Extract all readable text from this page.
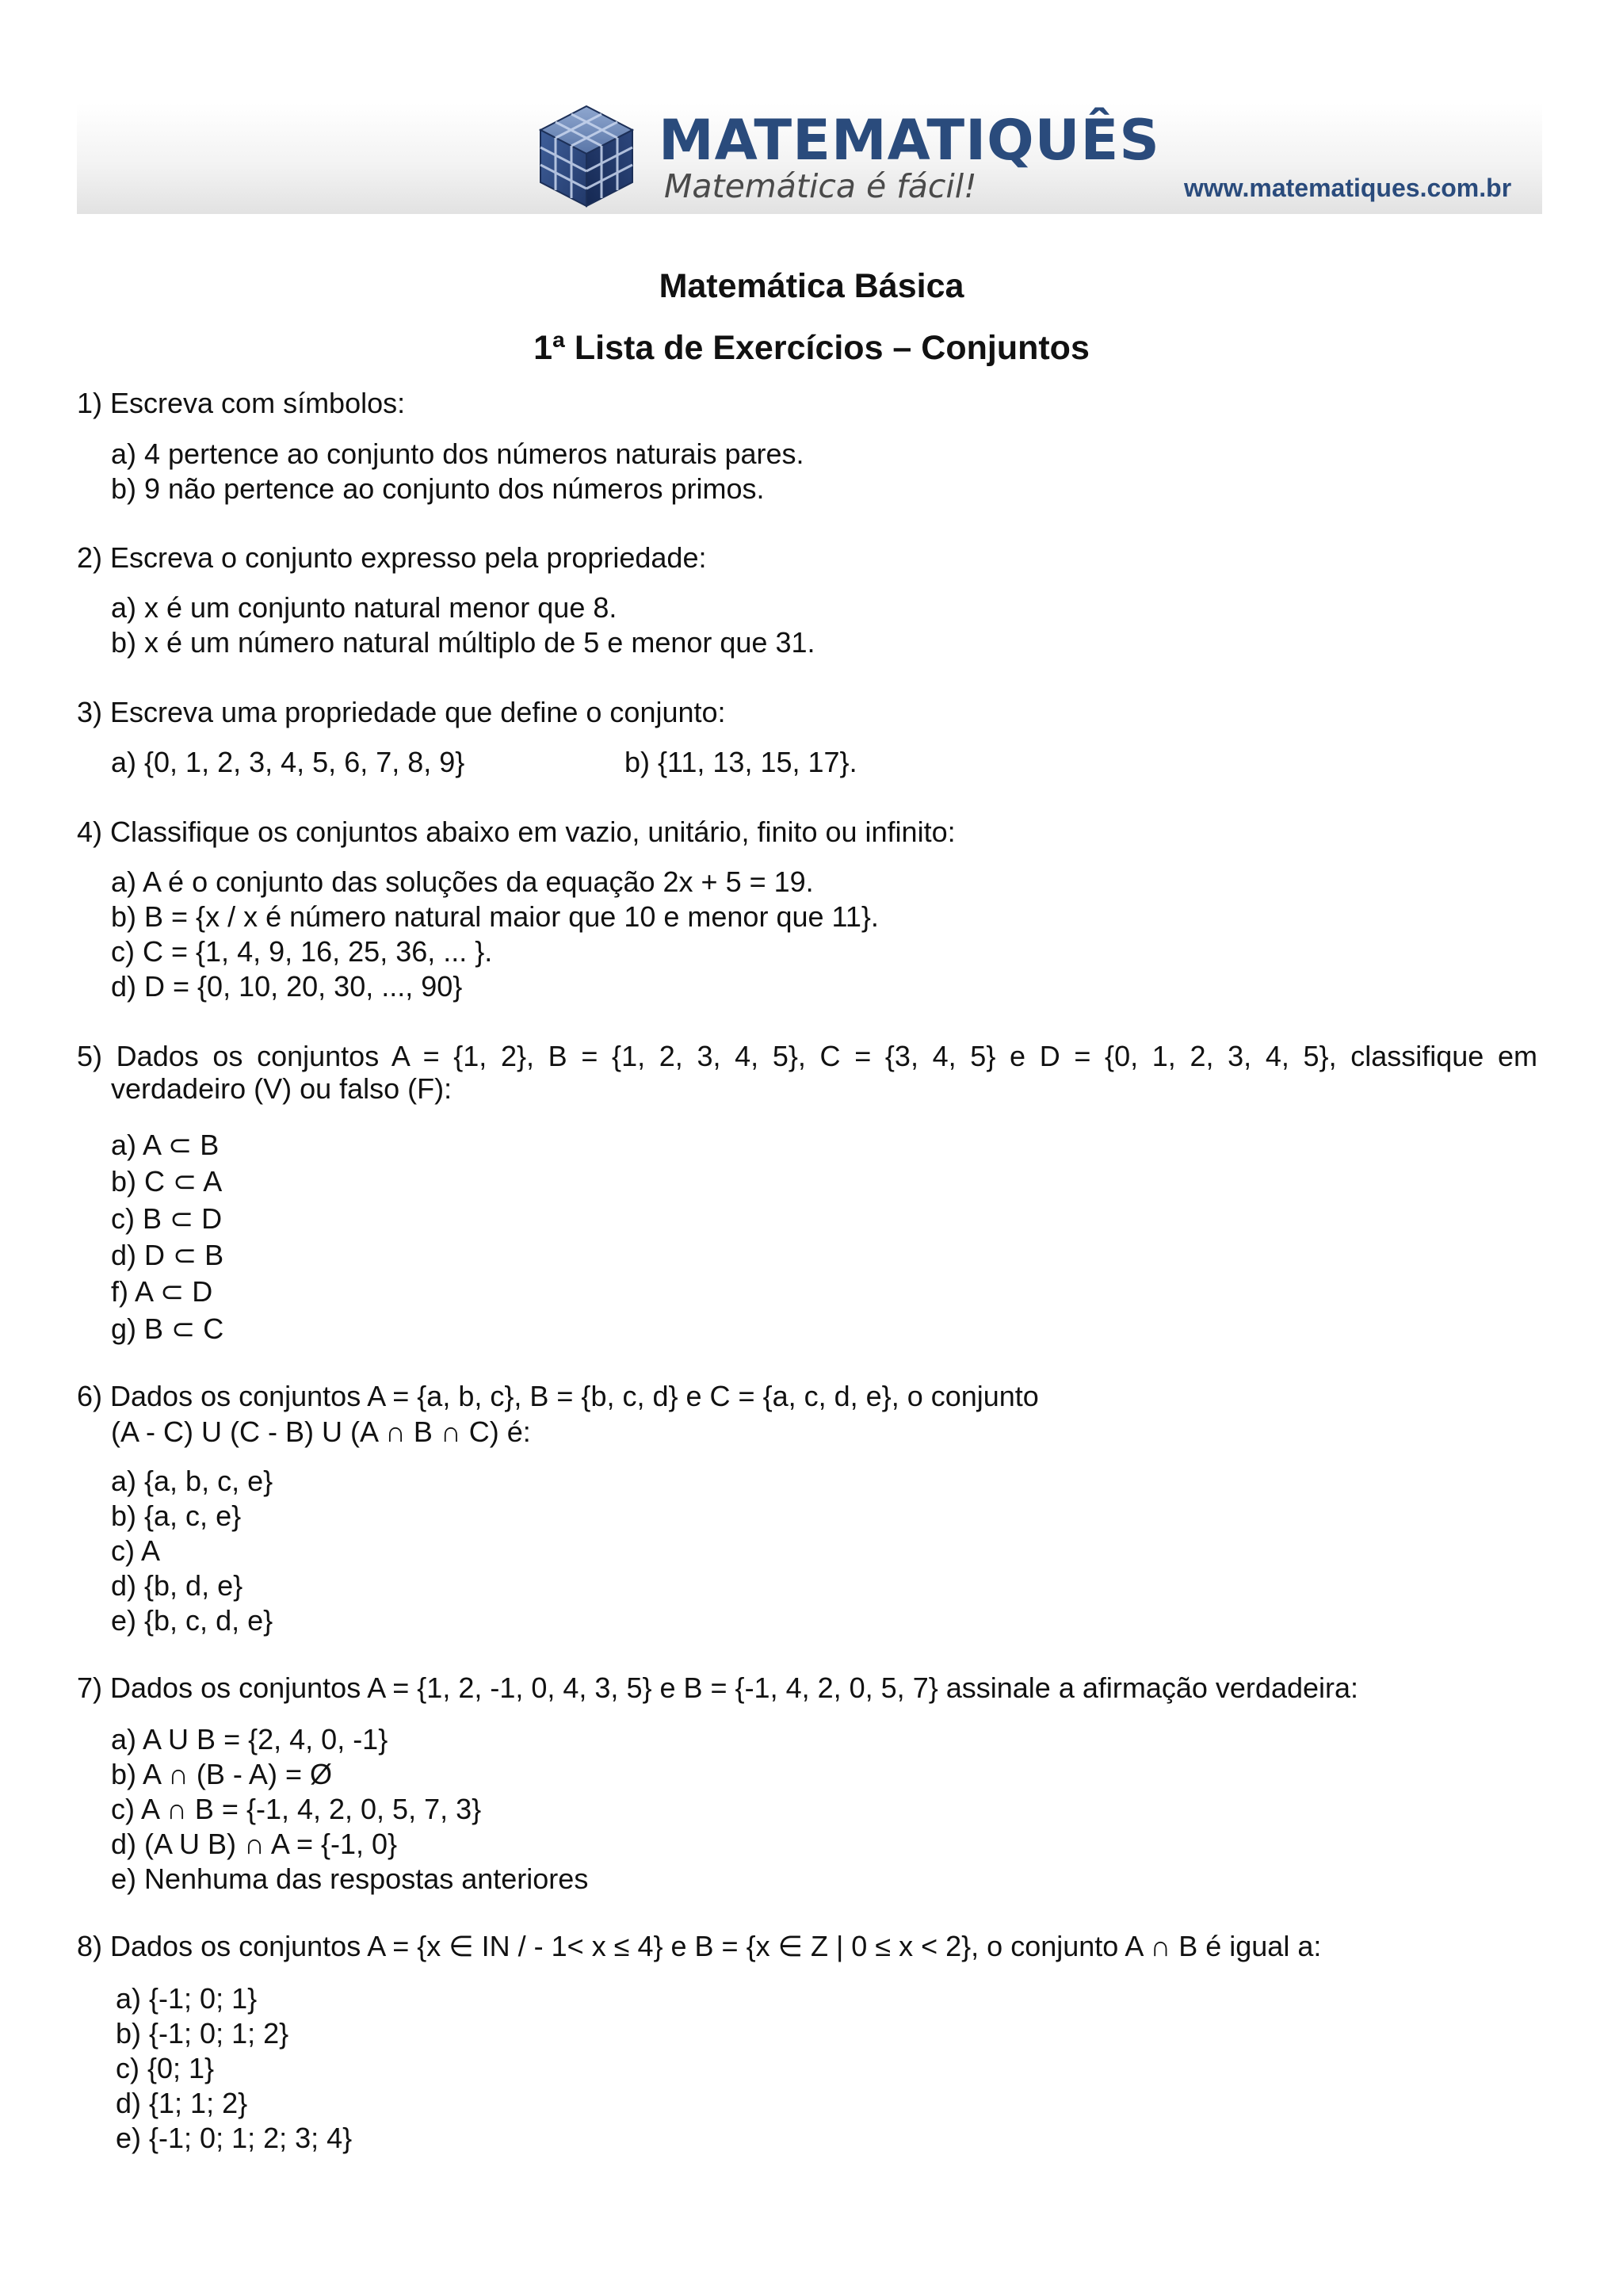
MATEMATIQUÊS
Matemática é fácil!	www.matematiques.com.br
Matemática Básica
1ª Lista de Exercícios – Conjuntos
1) Escreva com símbolos:
a) 4 pertence ao conjunto dos números naturais pares.
b) 9 não pertence ao conjunto dos números primos.
2) Escreva o conjunto expresso pela propriedade:
a) x é um conjunto natural menor que 8.
b) x é um número natural múltiplo de 5 e menor que 31.
3) Escreva uma propriedade que define o conjunto:
a) {0, 1, 2, 3, 4, 5, 6, 7, 8, 9}	b) {11, 13, 15, 17}.
4) Classifique os conjuntos abaixo em vazio, unitário, finito ou infinito:
a) A é o conjunto das soluções da equação 2x + 5 = 19.
b) B = {x / x é número natural maior que 10 e menor que 11}.
c) C = {1, 4, 9, 16, 25, 36, ... }.
d) D = {0, 10, 20, 30, ..., 90}
5) Dados os conjuntos A = {1, 2}, B = {1, 2, 3, 4, 5}, C = {3, 4, 5} e D = {0, 1, 2, 3, 4, 5}, classifique em
verdadeiro (V) ou falso (F):
a) A ⊂ B
b) C ⊂ A
c) B ⊂ D
d) D ⊂ B
f) A ⊂ D
g) B ⊂ C
6) Dados os conjuntos A = {a, b, c}, B = {b, c, d} e C = {a, c, d, e}, o conjunto
(A - C) U (C - B) U (A ∩ B ∩ C) é:
a) {a, b, c, e}
b) {a, c, e}
c) A
d) {b, d, e}
e) {b, c, d, e}
7) Dados os conjuntos A = {1, 2, -1, 0, 4, 3, 5} e B = {-1, 4, 2, 0, 5, 7} assinale a afirmação verdadeira:
a) A U B = {2, 4, 0, -1}
b) A ∩ (B - A) = Ø
c) A ∩ B = {-1, 4, 2, 0, 5, 7, 3}
d) (A U B) ∩ A = {-1, 0}
e) Nenhuma das respostas anteriores
8) Dados os conjuntos A = {x ∈ IN / - 1< x ≤ 4} e B = {x ∈ Z | 0 ≤ x < 2}, o conjunto A ∩ B é igual a:
a) {-1; 0; 1}
b) {-1; 0; 1; 2}
c) {0; 1}
d) {1; 1; 2}
e) {-1; 0; 1; 2; 3; 4}
